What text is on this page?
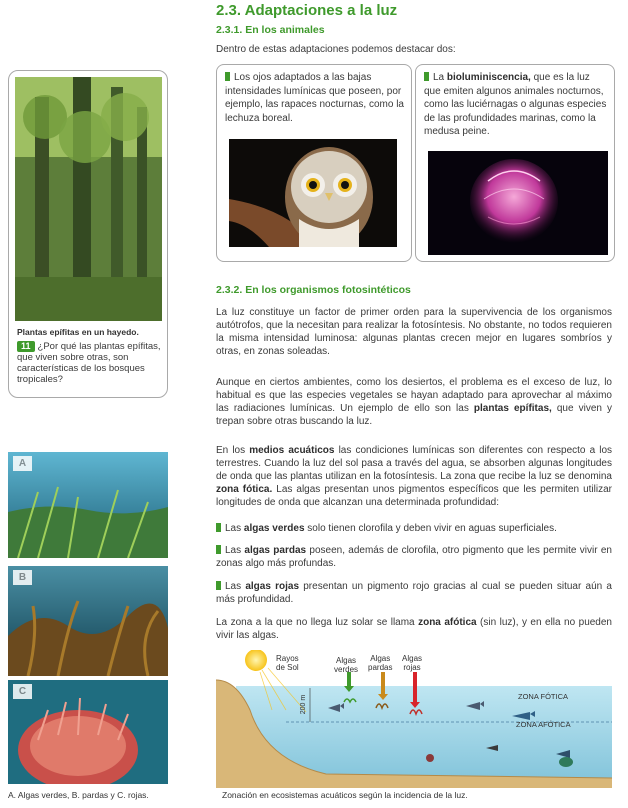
2.3. Adaptaciones a la luz
2.3.1. En los animales
Dentro de estas adaptaciones podemos destacar dos:
Los ojos adaptados a las bajas intensidades lumínicas que poseen, por ejemplo, las rapaces nocturnas, como la lechuza boreal.
La bioluminiscencia, que es la luz que emiten algunos animales nocturnos, como las luciérnagas o algunas especies de las profundidades marinas, como la medusa peine.
Plantas epífitas en un hayedo.
11 ¿Por qué las plantas epífitas, que viven sobre otras, son características de los bosques tropicales?
A
B
C
A. Algas verdes, B. pardas y C. rojas.
2.3.2. En los organismos fotosintéticos
La luz constituye un factor de primer orden para la supervivencia de los organismos autótrofos, que la necesitan para realizar la fotosíntesis. No obstante, no todos requieren la misma intensidad luminosa: algunas plantas crecen mejor en lugares sombríos y otras, en zonas soleadas.
Aunque en ciertos ambientes, como los desiertos, el problema es el exceso de luz, lo habitual es que las especies vegetales se hayan adaptado para aprovechar al máximo las radiaciones lumínicas. Un ejemplo de ello son las plantas epífitas, que viven y trepan sobre otras buscando la luz.
En los medios acuáticos las condiciones lumínicas son diferentes con respecto a los terrestres. Cuando la luz del sol pasa a través del agua, se absorben algunas longitudes de onda que las plantas utilizan en la fotosíntesis. La zona que recibe la luz se denomina zona fótica. Las algas presentan unos pigmentos específicos que les permiten utilizar longitudes de onda que alcanzan una determinada profundidad:
Las algas verdes solo tienen clorofila y deben vivir en aguas superficiales.
Las algas pardas poseen, además de clorofila, otro pigmento que les permite vivir en zonas algo más profundas.
Las algas rojas presentan un pigmento rojo gracias al cual se pueden situar aún a más profundidad.
La zona a la que no llega luz solar se llama zona afótica (sin luz), y en ella no pueden vivir las algas.
Rayos
de Sol
Algas
verdes
Algas
pardas
Algas
rojas
200 m	ZONA FÓTICA
ZONA AFÓTICA
Zonación en ecosistemas acuáticos según la incidencia de la luz.
